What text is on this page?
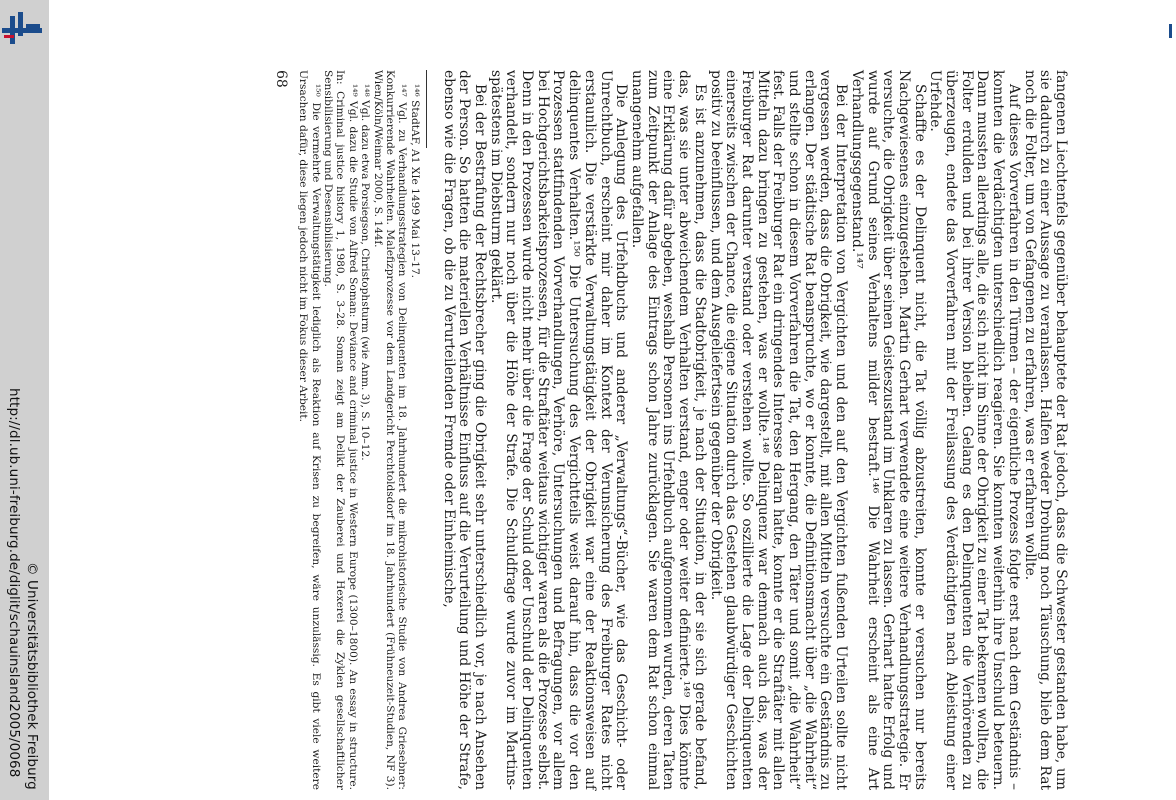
http://dl.ub.uni-freiburg.de/diglit/schauinsland2005/0068 © Universitätsbibliothek Freiburg	fangenen Liechtenfels gegenüber behauptete der Rat jedoch, dass die Schwester gestanden habe, um sie dadurch zu einer Aussage zu veranlassen. Halfen weder Drohung noch Täuschung, blieb dem Rat noch die Folter, um von Gefangenen zu erfahren, was er erfahren wollte.

Auf dieses Vorverfahren in den Türmen – der eigentliche Prozess folgte erst nach dem Geständnis – konnten die Verdächtigten unterschiedlich reagieren. Sie konnten weiterhin ihre Unschuld beteuern. Dann mussten allerdings alle, die sich nicht im Sinne der Obrigkeit zu einer Tat bekennen wollten, die Folter erdulden und bei ihrer Version bleiben. Gelang es den Delinquenten die Verhörenden zu überzeugen, endete das Vorverfahren mit der Freilassung des Verdächtigten nach Ableistung einer Urfehde.

Schaffte es der Delinquent nicht, die Tat völlig abzustreiten, konnte er versuchen nur bereits Nachgewiesenes einzugestehen. Martin Gerhart verwendete eine weitere Verhandlungsstrategie. Er versuchte, die Obrigkeit über seinen Geisteszustand im Unklaren zu lassen. Gerhart hatte Erfolg und wurde auf Grund seines Verhaltens milder bestraft.¹⁴⁶ Die Wahrheit erscheint als eine Art Verhandlungsgegenstand.¹⁴⁷

Bei der Interpretation von Vergichten und den auf den Vergichten fußenden Urteilen sollte nicht vergessen werden, dass die Obrigkeit, wie dargestellt, mit allen Mitteln versuchte ein Geständnis zu erlangen. Der städtische Rat beanspruchte, wo er konnte, die Definitionsmacht über „die Wahrheit“ und stellte schon in diesem Vorverfahren die Tat, den Hergang, den Täter und somit „die Wahrheit“ fest. Falls der Freiburger Rat ein dringendes Interesse daran hatte, konnte er die Straftäter mit allen Mitteln dazu bringen zu gestehen, was er wollte.¹⁴⁸ Delinquenz war demnach auch das, was der Freiburger Rat darunter verstand oder verstehen wollte. So oszillierte die Lage der Delinquenten einerseits zwischen der Chance, die eigene Situation durch das Gestehen glaubwürdiger Geschichten positiv zu beeinflussen, und dem Ausgeliefertsein gegenüber der Obrigkeit.

Es ist anzunehmen, dass die Stadtobrigkeit, je nach der Situation, in der sie sich gerade befand, das, was sie unter abweichendem Verhalten verstand, enger oder weiter definierte.¹⁴⁹ Dies könnte eine Erklärung dafür abgeben, weshalb Personen ins Urfehdbuch aufgenommen wurden, deren Taten zum Zeitpunkt der Anlage des Eintrags schon Jahre zurücklagen. Sie waren dem Rat schon einmal unangenehm aufgefallen.

Die Anlegung des Urfehdbuchs und anderer „Verwaltungs“-Bücher, wie das Geschicht- oder Unrechtbuch, erscheint mir daher im Kontext der Verunsicherung des Freiburger Rates nicht erstaunlich. Die verstärkte Verwaltungstätigkeit der Obrigkeit war eine der Reaktionsweisen auf delinquentes Verhalten.¹⁵⁰ Die Untersuchung des Vergichtteils weist darauf hin, dass die vor den Prozessen stattfindenden Vorverhandlungen, Verhöre, Untersuchungen und Befragungen, vor allem bei Hochgerichtsbarkeitsprozessen, für die Straftäter weitaus wichtiger waren als die Prozesse selbst. Denn in den Prozessen wurde nicht mehr über die Frage der Schuld oder Unschuld der Delinquenten verhandelt, sondern nur noch über die Höhe der Strafe. Die Schuldfrage wurde zuvor im Martins- spätestens im Diebsturm geklärt.

Bei der Bestrafung der Rechtsbrecher ging die Obrigkeit sehr unterschiedlich vor, je nach Ansehen der Person. So hatten die materiellen Verhältnisse Einfluss auf die Verurteilung und Höhe der Strafe, ebenso wie die Fragen, ob die zu Verurteilenden Fremde oder Einheimische,

¹⁴⁶ StadtAF, A1 XIe 1499 Mai 13–17.

¹⁴⁷ Vgl. zu Verhandlungsstrategien von Delinquenten im 18. Jahrhundert die mikrohistorische Studie von Andrea Griesebner: Konkurrierende Wahrheiten. Malefizprozesse vor dem Landgericht Perchtoldsdorf im 18. Jahrhundert (Frühneuzeit-Studien, NF 3). Wien/Köln/Weimar 2000, S. 144f.

¹⁴⁸ Vgl. dazu etwa Porsiegson, Christophsturm (wie Anm. 3), S. 10–12.

¹⁴⁹ Vgl. dazu die Studie von Alfred Soman: Deviance and criminal justice in Western Europe (1300–1800). An essay in structure. In: Criminal justice history 1, 1980, S. 3–28. Soman zeigt am Delikt der Zauberei und Hexerei die Zyklen gesellschaftlicher Sensibilisierung und Desensibilisierung.

¹⁵⁰ Die vermehrte Verwaltungstätigkeit lediglich als Reaktion auf Krisen zu begreifen, wäre unzulässig. Es gibt viele weitere Ursachen dafür, diese liegen jedoch nicht im Fokus dieser Arbeit.

68
